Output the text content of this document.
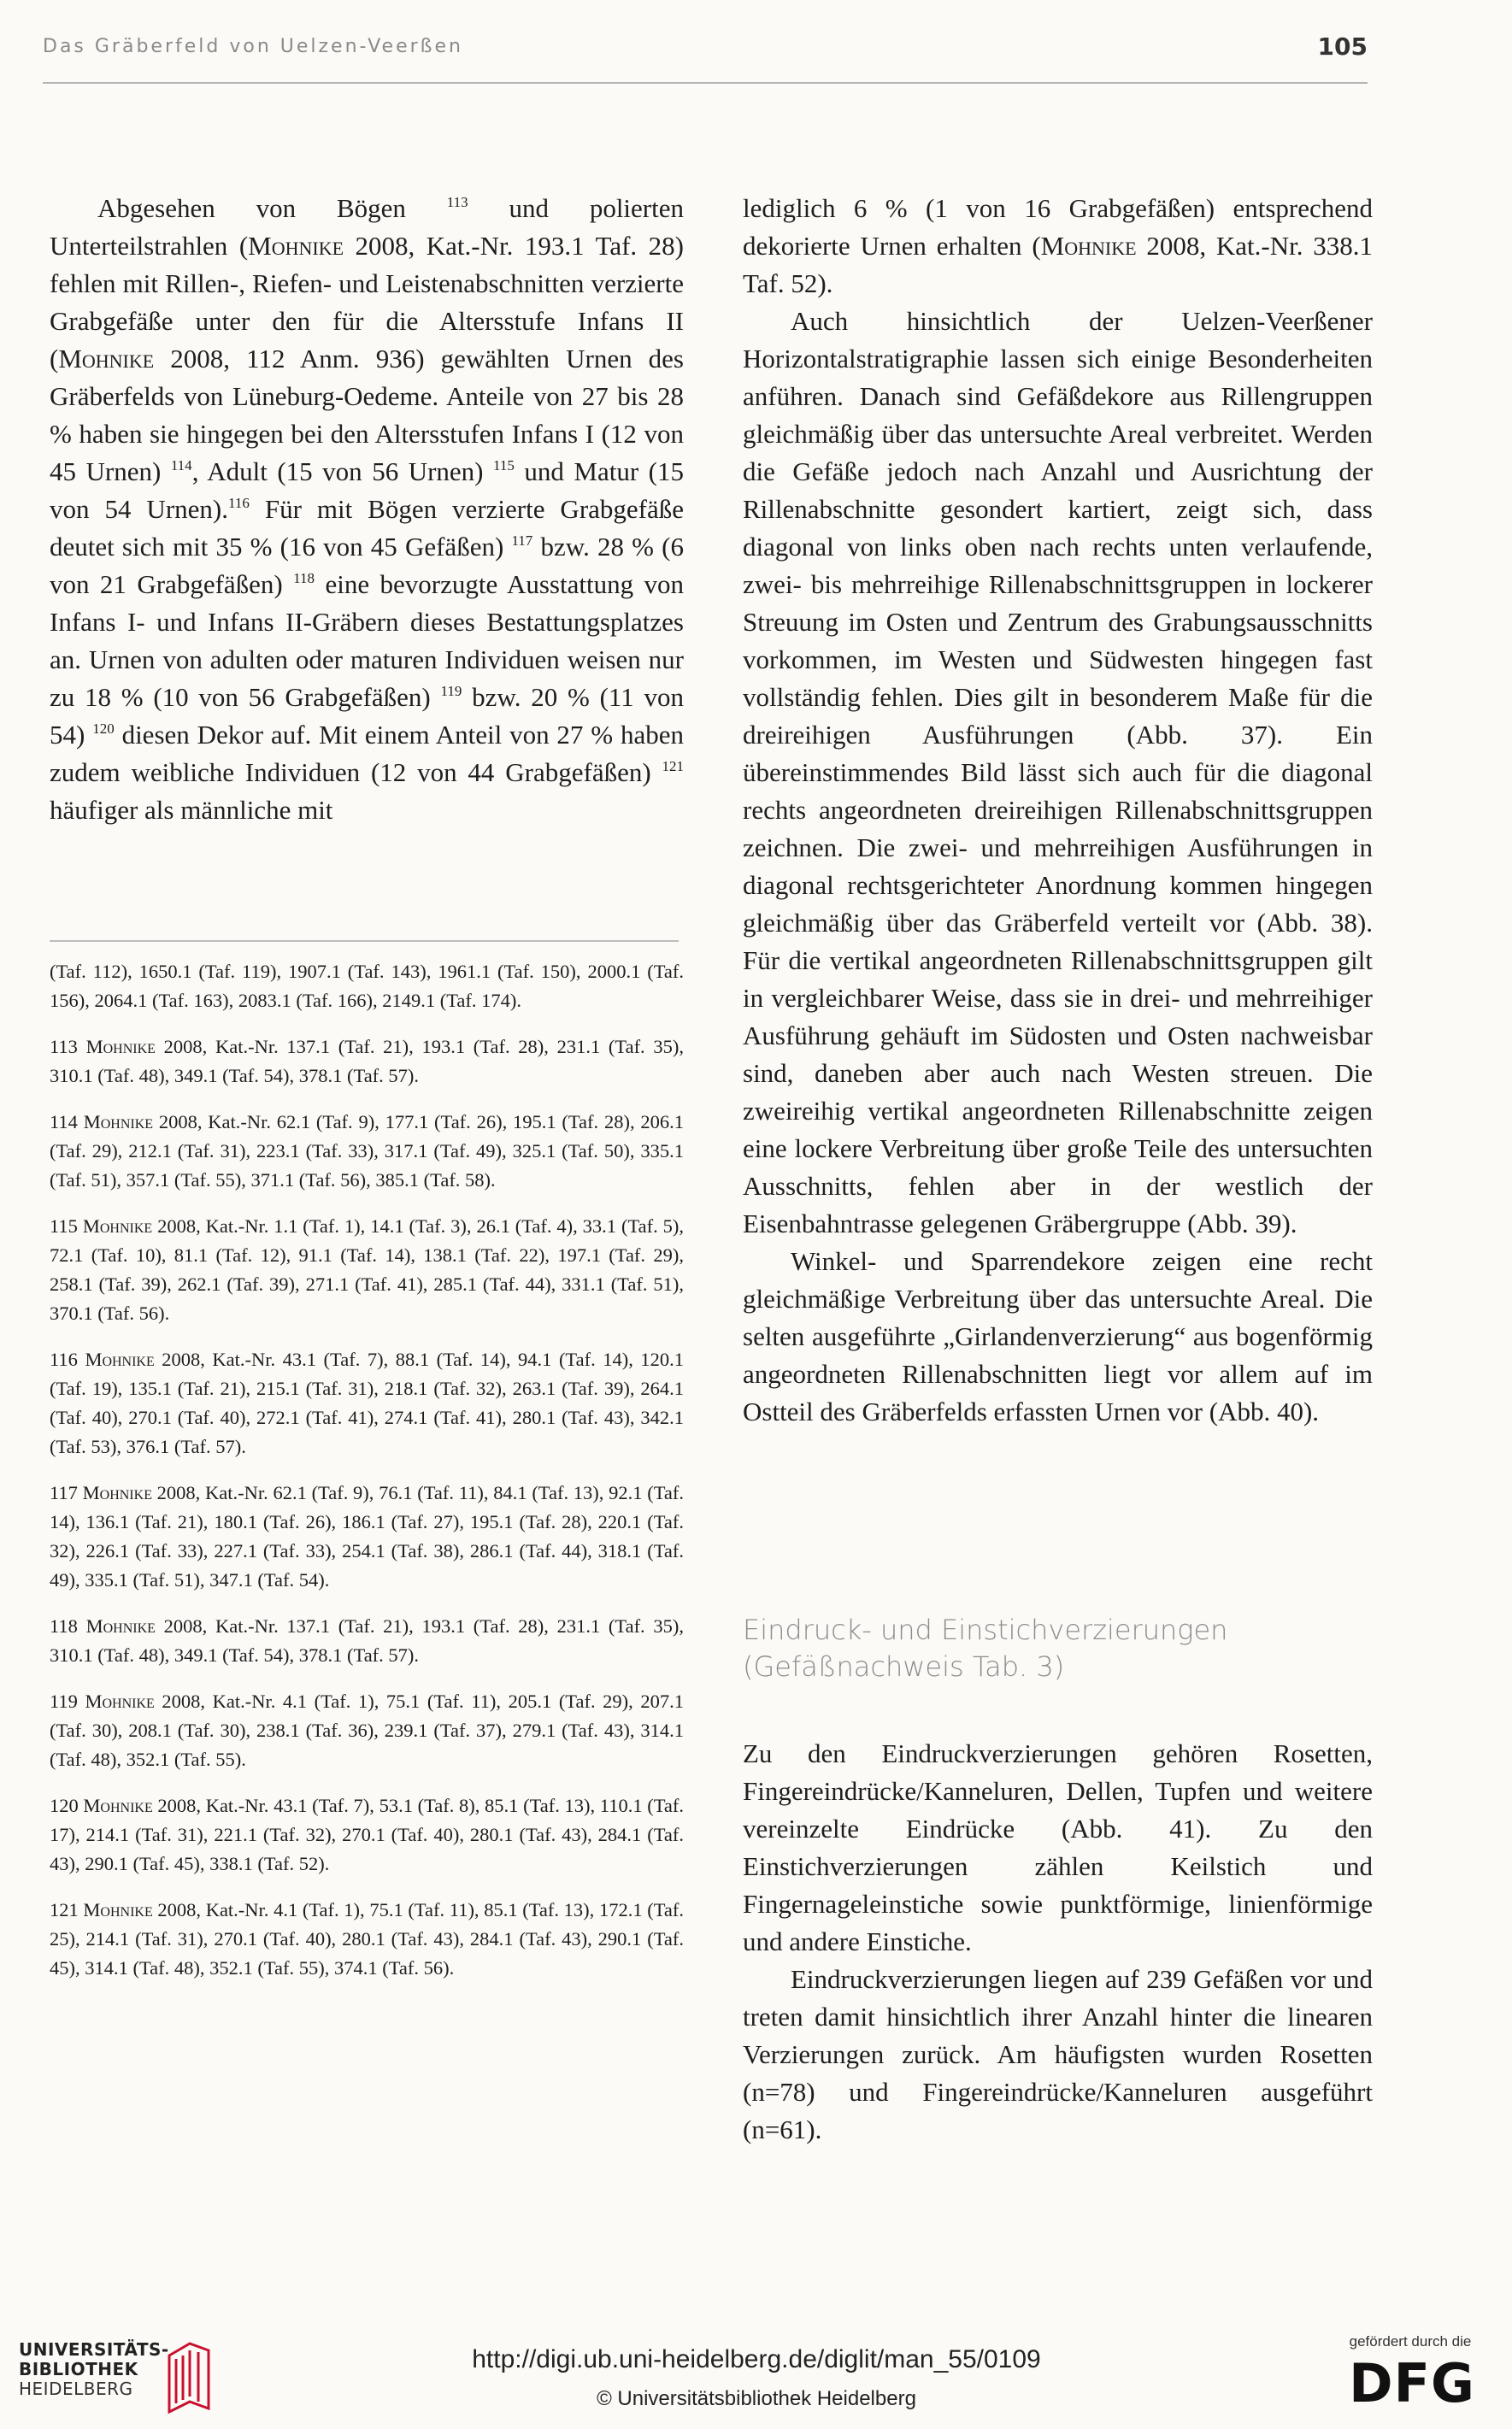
Das Gräberfeld von Uelzen-Veerßen	105

Abgesehen von Bögen $^{113}$ und polierten Unterteilstrahlen (Mohnike 2008, Kat.-Nr. 193.1 Taf. 28) fehlen mit Rillen-, Riefen- und Leistenabschnitten verzierte Grabgefäße unter den für die Altersstufe Infans II (Mohnike 2008, 112 Anm. 936) gewählten Urnen des Gräberfelds von Lüneburg-Oedeme. Anteile von 27 bis 28 % haben sie hingegen bei den Altersstufen Infans I (12 von 45 Urnen) $^{114}$, Adult (15 von 56 Urnen) $^{115}$ und Matur (15 von 54 Urnen).$^{116}$ Für mit Bögen verzierte Grabgefäße deutet sich mit 35 % (16 von 45 Gefäßen) $^{117}$ bzw. 28 % (6 von 21 Grabgefäßen) $^{118}$ eine bevorzugte Ausstattung von Infans I- und Infans II-Gräbern dieses Bestattungsplatzes an. Urnen von adulten oder maturen Individuen weisen nur zu 18 % (10 von 56 Grabgefäßen) $^{119}$ bzw. 20 % (11 von 54) $^{120}$ diesen Dekor auf. Mit einem Anteil von 27 % haben zudem weibliche Individuen (12 von 44 Grabgefäßen) $^{121}$ häufiger als männliche mit

(Taf. 112), 1650.1 (Taf. 119), 1907.1 (Taf. 143), 1961.1 (Taf. 150), 2000.1 (Taf. 156), 2064.1 (Taf. 163), 2083.1 (Taf. 166), 2149.1 (Taf. 174).

113 Mohnike 2008, Kat.-Nr. 137.1 (Taf. 21), 193.1 (Taf. 28), 231.1 (Taf. 35), 310.1 (Taf. 48), 349.1 (Taf. 54), 378.1 (Taf. 57).

114 Mohnike 2008, Kat.-Nr. 62.1 (Taf. 9), 177.1 (Taf. 26), 195.1 (Taf. 28), 206.1 (Taf. 29), 212.1 (Taf. 31), 223.1 (Taf. 33), 317.1 (Taf. 49), 325.1 (Taf. 50), 335.1 (Taf. 51), 357.1 (Taf. 55), 371.1 (Taf. 56), 385.1 (Taf. 58).

115 Mohnike 2008, Kat.-Nr. 1.1 (Taf. 1), 14.1 (Taf. 3), 26.1 (Taf. 4), 33.1 (Taf. 5), 72.1 (Taf. 10), 81.1 (Taf. 12), 91.1 (Taf. 14), 138.1 (Taf. 22), 197.1 (Taf. 29), 258.1 (Taf. 39), 262.1 (Taf. 39), 271.1 (Taf. 41), 285.1 (Taf. 44), 331.1 (Taf. 51), 370.1 (Taf. 56).

116 Mohnike 2008, Kat.-Nr. 43.1 (Taf. 7), 88.1 (Taf. 14), 94.1 (Taf. 14), 120.1 (Taf. 19), 135.1 (Taf. 21), 215.1 (Taf. 31), 218.1 (Taf. 32), 263.1 (Taf. 39), 264.1 (Taf. 40), 270.1 (Taf. 40), 272.1 (Taf. 41), 274.1 (Taf. 41), 280.1 (Taf. 43), 342.1 (Taf. 53), 376.1 (Taf. 57).

117 Mohnike 2008, Kat.-Nr. 62.1 (Taf. 9), 76.1 (Taf. 11), 84.1 (Taf. 13), 92.1 (Taf. 14), 136.1 (Taf. 21), 180.1 (Taf. 26), 186.1 (Taf. 27), 195.1 (Taf. 28), 220.1 (Taf. 32), 226.1 (Taf. 33), 227.1 (Taf. 33), 254.1 (Taf. 38), 286.1 (Taf. 44), 318.1 (Taf. 49), 335.1 (Taf. 51), 347.1 (Taf. 54).

118 Mohnike 2008, Kat.-Nr. 137.1 (Taf. 21), 193.1 (Taf. 28), 231.1 (Taf. 35), 310.1 (Taf. 48), 349.1 (Taf. 54), 378.1 (Taf. 57).

119 Mohnike 2008, Kat.-Nr. 4.1 (Taf. 1), 75.1 (Taf. 11), 205.1 (Taf. 29), 207.1 (Taf. 30), 208.1 (Taf. 30), 238.1 (Taf. 36), 239.1 (Taf. 37), 279.1 (Taf. 43), 314.1 (Taf. 48), 352.1 (Taf. 55).

120 Mohnike 2008, Kat.-Nr. 43.1 (Taf. 7), 53.1 (Taf. 8), 85.1 (Taf. 13), 110.1 (Taf. 17), 214.1 (Taf. 31), 221.1 (Taf. 32), 270.1 (Taf. 40), 280.1 (Taf. 43), 284.1 (Taf. 43), 290.1 (Taf. 45), 338.1 (Taf. 52).

121 Mohnike 2008, Kat.-Nr. 4.1 (Taf. 1), 75.1 (Taf. 11), 85.1 (Taf. 13), 172.1 (Taf. 25), 214.1 (Taf. 31), 270.1 (Taf. 40), 280.1 (Taf. 43), 284.1 (Taf. 43), 290.1 (Taf. 45), 314.1 (Taf. 48), 352.1 (Taf. 55), 374.1 (Taf. 56).

lediglich 6 % (1 von 16 Grabgefäßen) entsprechend dekorierte Urnen erhalten (Mohnike 2008, Kat.-Nr. 338.1 Taf. 52).

Auch hinsichtlich der Uelzen-Veerßener Horizontalstratigraphie lassen sich einige Besonderheiten anführen. Danach sind Gefäßdekore aus Rillengruppen gleichmäßig über das untersuchte Areal verbreitet. Werden die Gefäße jedoch nach Anzahl und Ausrichtung der Rillenabschnitte gesondert kartiert, zeigt sich, dass diagonal von links oben nach rechts unten verlaufende, zwei- bis mehrreihige Rillenabschnittsgruppen in lockerer Streuung im Osten und Zentrum des Grabungsausschnitts vorkommen, im Westen und Südwesten hingegen fast vollständig fehlen. Dies gilt in besonderem Maße für die dreireihigen Ausführungen (Abb. 37). Ein übereinstimmendes Bild lässt sich auch für die diagonal rechts angeordneten dreireihigen Rillenabschnittsgruppen zeichnen. Die zwei- und mehrreihigen Ausführungen in diagonal rechtsgerichteter Anordnung kommen hingegen gleichmäßig über das Gräberfeld verteilt vor (Abb. 38). Für die vertikal angeordneten Rillenabschnittsgruppen gilt in vergleichbarer Weise, dass sie in drei- und mehrreihiger Ausführung gehäuft im Südosten und Osten nachweisbar sind, daneben aber auch nach Westen streuen. Die zweireihig vertikal angeordneten Rillenabschnitte zeigen eine lockere Verbreitung über große Teile des untersuchten Ausschnitts, fehlen aber in der westlich der Eisenbahntrasse gelegenen Gräbergruppe (Abb. 39).

Winkel- und Sparrendekore zeigen eine recht gleichmäßige Verbreitung über das untersuchte Areal. Die selten ausgeführte „Girlandenverzierung“ aus bogenförmig angeordneten Rillenabschnitten liegt vor allem auf im Ostteil des Gräberfelds erfassten Urnen vor (Abb. 40).

Eindruck- und Einstichverzierungen (Gefäßnachweis Tab. 3)

Zu den Eindruckverzierungen gehören Rosetten, Fingereindrücke/Kanneluren, Dellen, Tupfen und weitere vereinzelte Eindrücke (Abb. 41). Zu den Einstichverzierungen zählen Keilstich und Fingernageleinstiche sowie punktförmige, linienförmige und andere Einstiche.

Eindruckverzierungen liegen auf 239 Gefäßen vor und treten damit hinsichtlich ihrer Anzahl hinter die linearen Verzierungen zurück. Am häufigsten wurden Rosetten (n=78) und Fingereindrücke/Kanneluren ausgeführt (n=61).

UNIVERSITÄTS-
BIBLIOTHEK
HEIDELBERG
http://digi.ub.uni-heidelberg.de/diglit/man_55/0109
© Universitätsbibliothek Heidelberg
gefördert durch die
DFG
